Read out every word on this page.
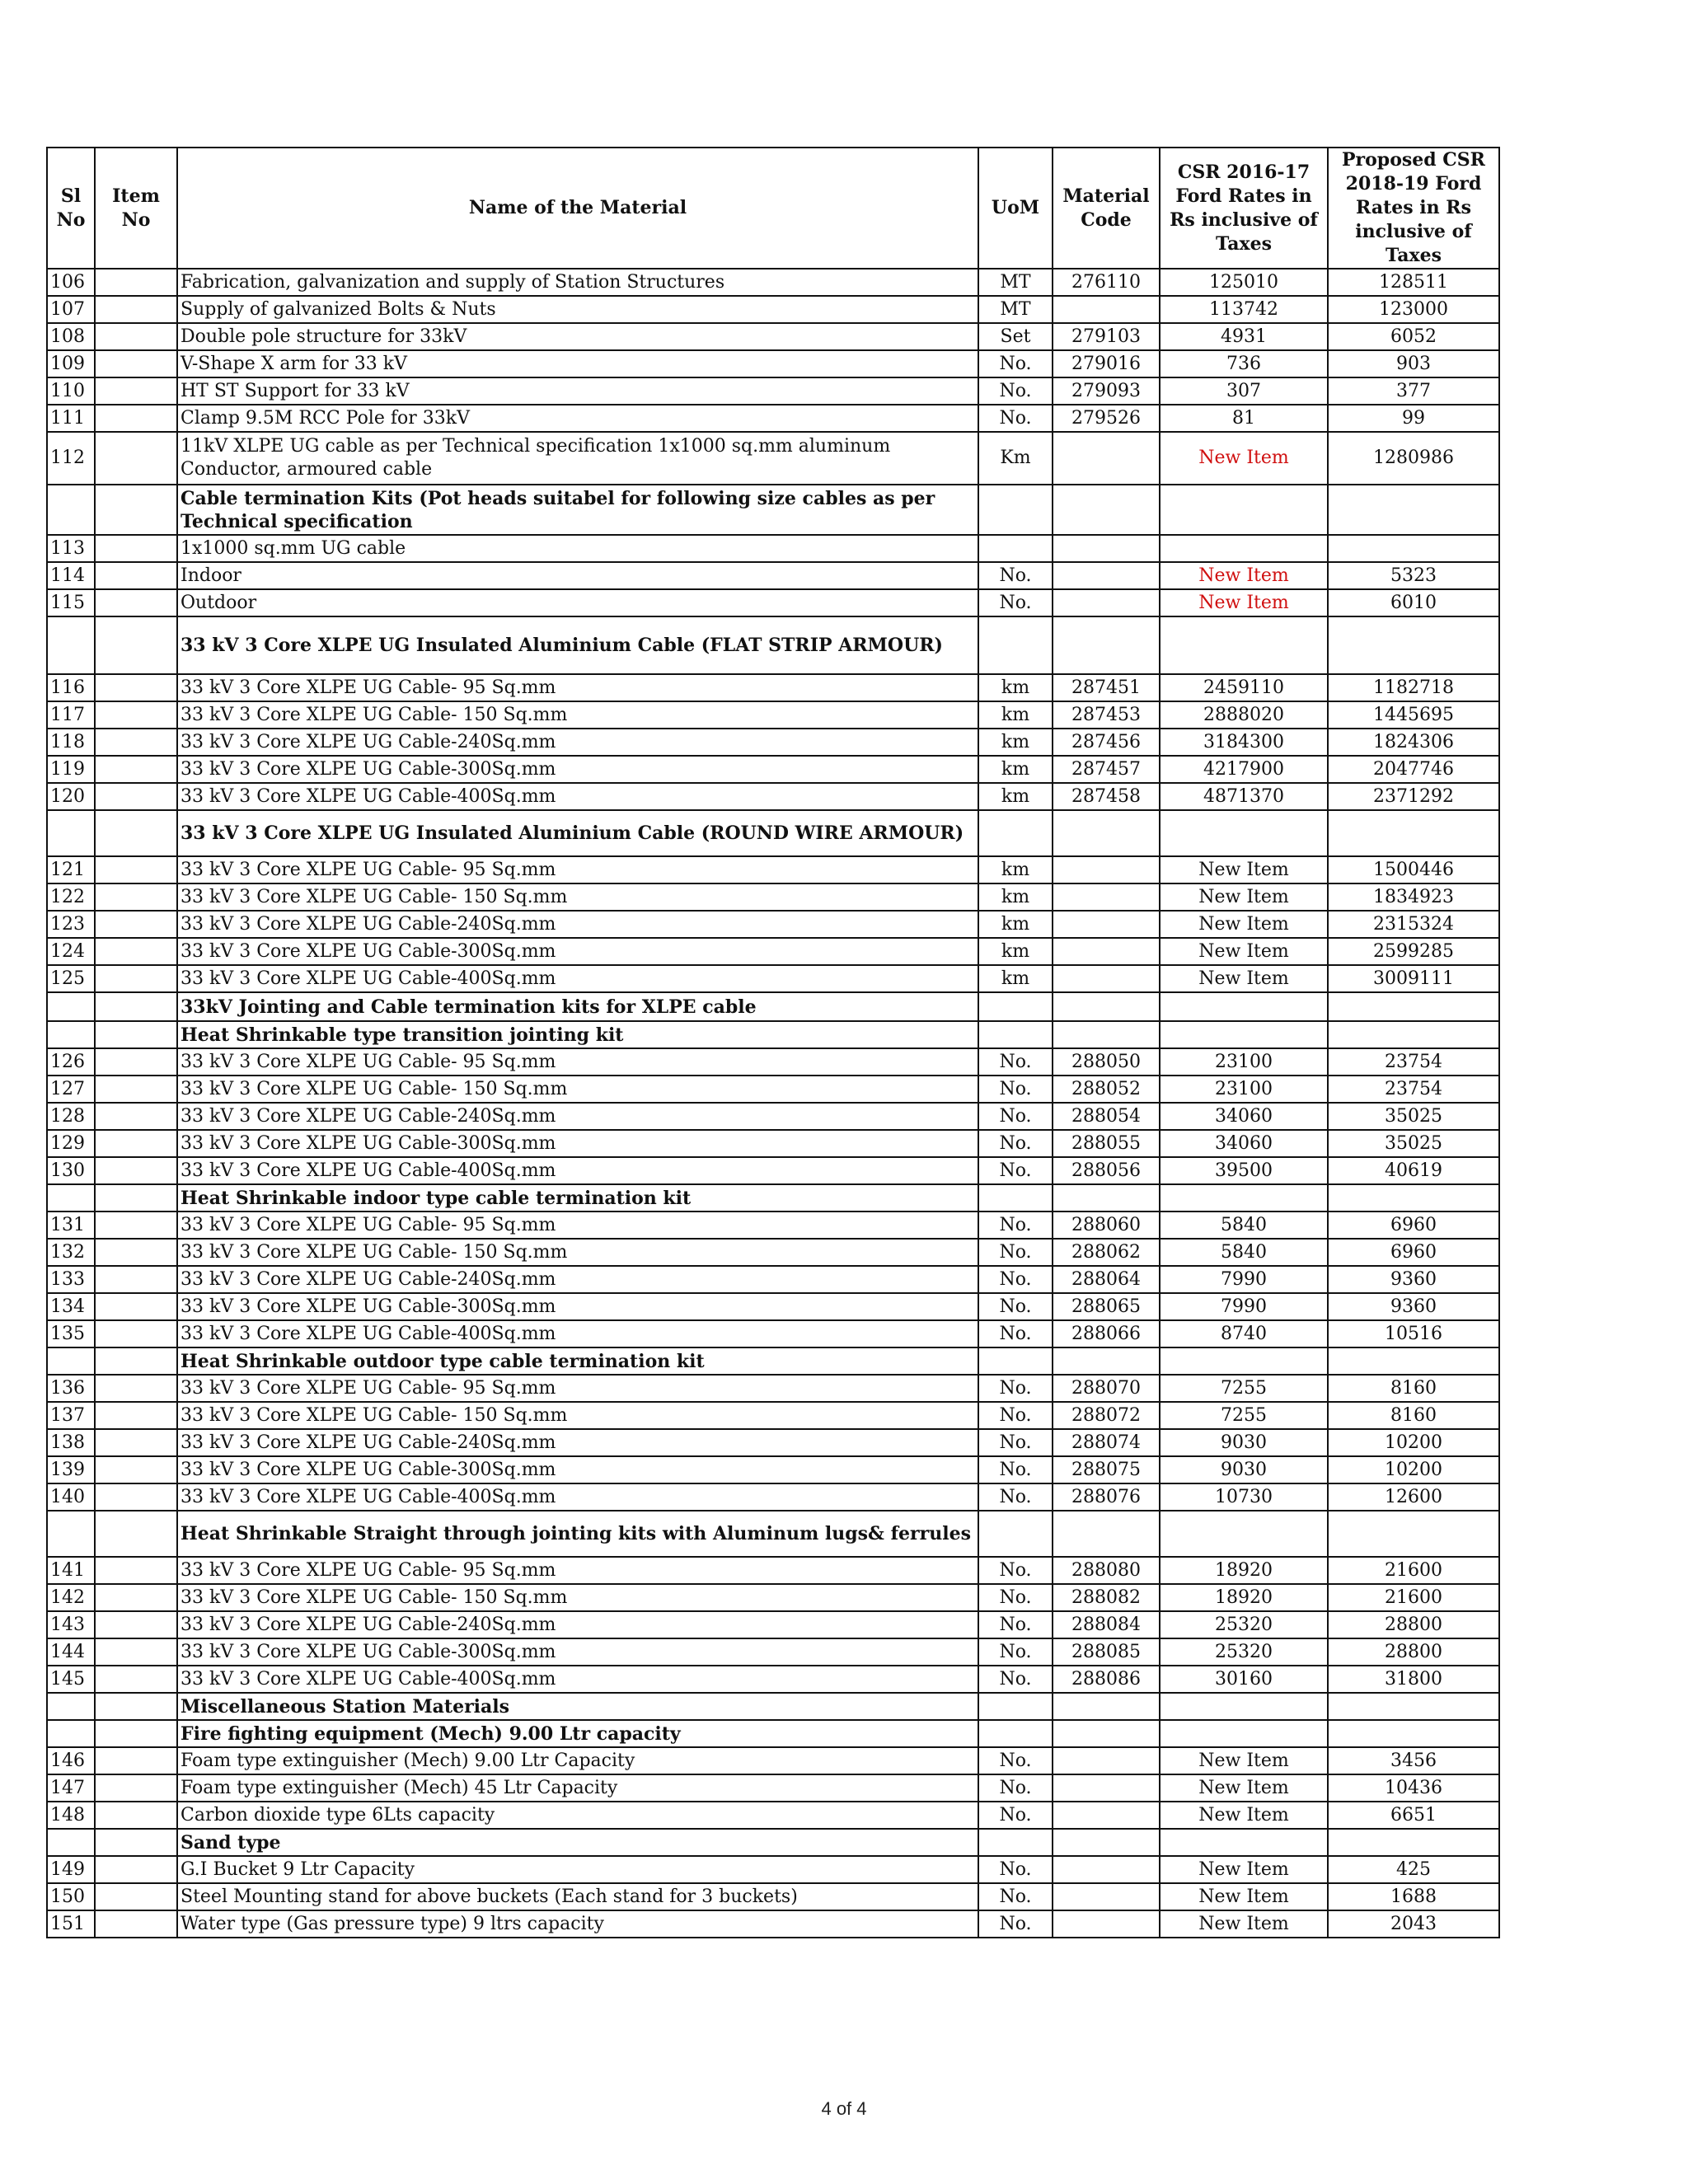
Sl No	Item No	Name of the Material	UoM	Material Code	CSR 2016-17 Ford Rates in Rs inclusive of Taxes	Proposed CSR 2018-19 Ford Rates in Rs inclusive of Taxes
106		Fabrication, galvanization and supply of Station Structures	MT	276110	125010	128511
107		Supply of galvanized Bolts & Nuts	MT		113742	123000
108		Double pole structure for 33kV	Set	279103	4931	6052
109		V-Shape X arm for 33 kV	No.	279016	736	903
110		HT ST Support for 33 kV	No.	279093	307	377
111		Clamp 9.5M RCC Pole for 33kV	No.	279526	81	99
112		11kV XLPE UG cable as per Technical specification 1x1000 sq.mm aluminum Conductor, armoured cable	Km		New Item	1280986
		Cable termination Kits (Pot heads suitabel for following size cables as per Technical specification				
113		1x1000 sq.mm UG cable				
114		Indoor	No.		New Item	5323
115		Outdoor	No.		New Item	6010
		33 kV 3 Core XLPE UG Insulated Aluminium Cable (FLAT STRIP ARMOUR)				
116		33 kV 3 Core XLPE UG Cable- 95 Sq.mm	km	287451	2459110	1182718
117		33 kV 3 Core XLPE UG Cable- 150 Sq.mm	km	287453	2888020	1445695
118		33 kV 3 Core XLPE UG Cable-240Sq.mm	km	287456	3184300	1824306
119		33 kV 3 Core XLPE UG Cable-300Sq.mm	km	287457	4217900	2047746
120		33 kV 3 Core XLPE UG Cable-400Sq.mm	km	287458	4871370	2371292
		33 kV 3 Core XLPE UG Insulated Aluminium Cable (ROUND WIRE ARMOUR)				
121		33 kV 3 Core XLPE UG Cable- 95 Sq.mm	km		New Item	1500446
122		33 kV 3 Core XLPE UG Cable- 150 Sq.mm	km		New Item	1834923
123		33 kV 3 Core XLPE UG Cable-240Sq.mm	km		New Item	2315324
124		33 kV 3 Core XLPE UG Cable-300Sq.mm	km		New Item	2599285
125		33 kV 3 Core XLPE UG Cable-400Sq.mm	km		New Item	3009111
		33kV Jointing and Cable termination kits for XLPE cable				
		Heat Shrinkable type transition jointing kit				
126		33 kV 3 Core XLPE UG Cable- 95 Sq.mm	No.	288050	23100	23754
127		33 kV 3 Core XLPE UG Cable- 150 Sq.mm	No.	288052	23100	23754
128		33 kV 3 Core XLPE UG Cable-240Sq.mm	No.	288054	34060	35025
129		33 kV 3 Core XLPE UG Cable-300Sq.mm	No.	288055	34060	35025
130		33 kV 3 Core XLPE UG Cable-400Sq.mm	No.	288056	39500	40619
		Heat Shrinkable indoor type cable termination kit				
131		33 kV 3 Core XLPE UG Cable- 95 Sq.mm	No.	288060	5840	6960
132		33 kV 3 Core XLPE UG Cable- 150 Sq.mm	No.	288062	5840	6960
133		33 kV 3 Core XLPE UG Cable-240Sq.mm	No.	288064	7990	9360
134		33 kV 3 Core XLPE UG Cable-300Sq.mm	No.	288065	7990	9360
135		33 kV 3 Core XLPE UG Cable-400Sq.mm	No.	288066	8740	10516
		Heat Shrinkable outdoor type cable termination kit				
136		33 kV 3 Core XLPE UG Cable- 95 Sq.mm	No.	288070	7255	8160
137		33 kV 3 Core XLPE UG Cable- 150 Sq.mm	No.	288072	7255	8160
138		33 kV 3 Core XLPE UG Cable-240Sq.mm	No.	288074	9030	10200
139		33 kV 3 Core XLPE UG Cable-300Sq.mm	No.	288075	9030	10200
140		33 kV 3 Core XLPE UG Cable-400Sq.mm	No.	288076	10730	12600
		Heat Shrinkable Straight through jointing kits with Aluminum lugs& ferrules				
141		33 kV 3 Core XLPE UG Cable- 95 Sq.mm	No.	288080	18920	21600
142		33 kV 3 Core XLPE UG Cable- 150 Sq.mm	No.	288082	18920	21600
143		33 kV 3 Core XLPE UG Cable-240Sq.mm	No.	288084	25320	28800
144		33 kV 3 Core XLPE UG Cable-300Sq.mm	No.	288085	25320	28800
145		33 kV 3 Core XLPE UG Cable-400Sq.mm	No.	288086	30160	31800
		Miscellaneous Station Materials				
		Fire fighting equipment (Mech) 9.00 Ltr capacity				
146		Foam type extinguisher (Mech) 9.00 Ltr Capacity	No.		New Item	3456
147		Foam type extinguisher (Mech) 45 Ltr Capacity	No.		New Item	10436
148		Carbon dioxide type 6Lts capacity	No.		New Item	6651
		Sand type				
149		G.I Bucket 9 Ltr Capacity	No.		New Item	425
150		Steel Mounting stand for above buckets (Each stand for 3 buckets)	No.		New Item	1688
151		Water type (Gas pressure type) 9 ltrs capacity	No.		New Item	2043
4 of 4
